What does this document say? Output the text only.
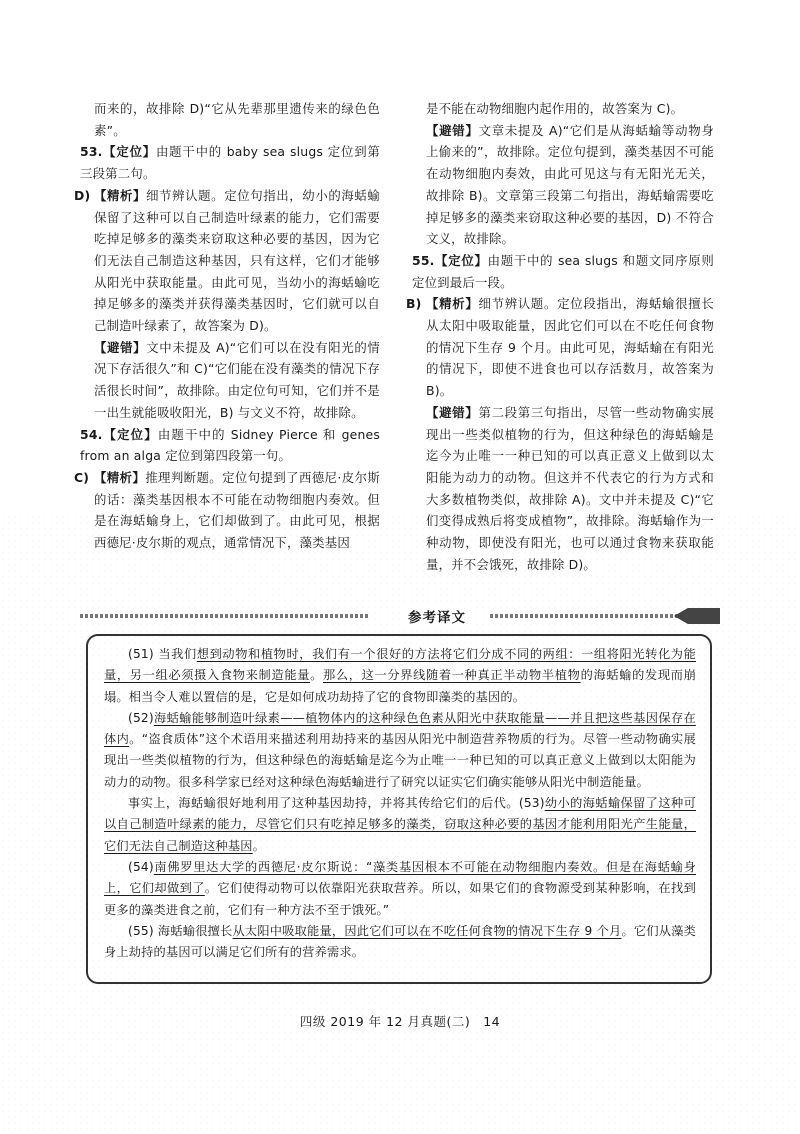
而来的，故排除 D)“它从先辈那里遗传来的绿色色素”。

53.【定位】由题干中的 baby sea slugs 定位到第三段第二句。

D) 【精析】细节辨认题。定位句指出，幼小的海蛞蝓保留了这种可以自己制造叶绿素的能力，它们需要吃掉足够多的藻类来窃取这种必要的基因，因为它们无法自己制造这种基因，只有这样，它们才能够从阳光中获取能量。由此可见，当幼小的海蛞蝓吃掉足够多的藻类并获得藻类基因时，它们就可以自己制造叶绿素了，故答案为 D)。

【避错】文中未提及 A)“它们可以在没有阳光的情况下存活很久”和 C)“它们能在没有藻类的情况下存活很长时间”，故排除。由定位句可知，它们并不是一出生就能吸收阳光，B) 与文义不符，故排除。

54.【定位】由题干中的 Sidney Pierce 和 genes from an alga 定位到第四段第一句。

C) 【精析】推理判断题。定位句提到了西德尼·皮尔斯的话：藻类基因根本不可能在动物细胞内奏效。但是在海蛞蝓身上，它们却做到了。由此可见，根据西德尼·皮尔斯的观点，通常情况下，藻类基因

是不能在动物细胞内起作用的，故答案为 C)。

【避错】文章未提及 A)“它们是从海蛞蝓等动物身上偷来的”，故排除。定位句提到，藻类基因不可能在动物细胞内奏效，由此可见这与有无阳光无关，故排除 B)。文章第三段第二句指出，海蛞蝓需要吃掉足够多的藻类来窃取这种必要的基因，D) 不符合文义，故排除。

55.【定位】由题干中的 sea slugs 和题文同序原则定位到最后一段。

B) 【精析】细节辨认题。定位段指出，海蛞蝓很擅长从太阳中吸取能量，因此它们可以在不吃任何食物的情况下生存 9 个月。由此可见，海蛞蝓在有阳光的情况下，即使不进食也可以存活数月，故答案为 B)。

【避错】第二段第三句指出，尽管一些动物确实展现出一些类似植物的行为，但这种绿色的海蛞蝓是迄今为止唯一一种已知的可以真正意义上做到以太阳能为动力的动物。但这并不代表它的行为方式和大多数植物类似，故排除 A)。文中并未提及 C)“它们变得成熟后将变成植物”，故排除。海蛞蝓作为一种动物，即使没有阳光，也可以通过食物来获取能量，并不会饿死，故排除 D)。

参考译文

(51) 当我们想到动物和植物时，我们有一个很好的方法将它们分成不同的两组：一组将阳光转化为能量，另一组必须摄入食物来制造能量。那么，这一分界线随着一种真正半动物半植物的海蛞蝓的发现而崩塌。相当令人难以置信的是，它是如何成功劫持了它的食物即藻类的基因的。

(52)海蛞蝓能够制造叶绿素——植物体内的这种绿色色素从阳光中获取能量——并且把这些基因保存在体内。“盗食质体”这个术语用来描述利用劫持来的基因从阳光中制造营养物质的行为。尽管一些动物确实展现出一些类似植物的行为，但这种绿色的海蛞蝓是迄今为止唯一一种已知的可以真正意义上做到以太阳能为动力的动物。很多科学家已经对这种绿色海蛞蝓进行了研究以证实它们确实能够从阳光中制造能量。

事实上，海蛞蝓很好地利用了这种基因劫持，并将其传给它们的后代。(53)幼小的海蛞蝓保留了这种可以自己制造叶绿素的能力，尽管它们只有吃掉足够多的藻类，窃取这种必要的基因才能利用阳光产生能量，它们无法自己制造这种基因。

(54)南佛罗里达大学的西德尼·皮尔斯说：“藻类基因根本不可能在动物细胞内奏效。但是在海蛞蝓身上，它们却做到了。它们使得动物可以依靠阳光获取营养。所以，如果它们的食物源受到某种影响，在找到更多的藻类进食之前，它们有一种方法不至于饿死。”

(55) 海蛞蝓很擅长从太阳中吸取能量，因此它们可以在不吃任何食物的情况下生存 9 个月。它们从藻类身上劫持的基因可以满足它们所有的营养需求。

四级 2019 年 12 月真题(二)　14
